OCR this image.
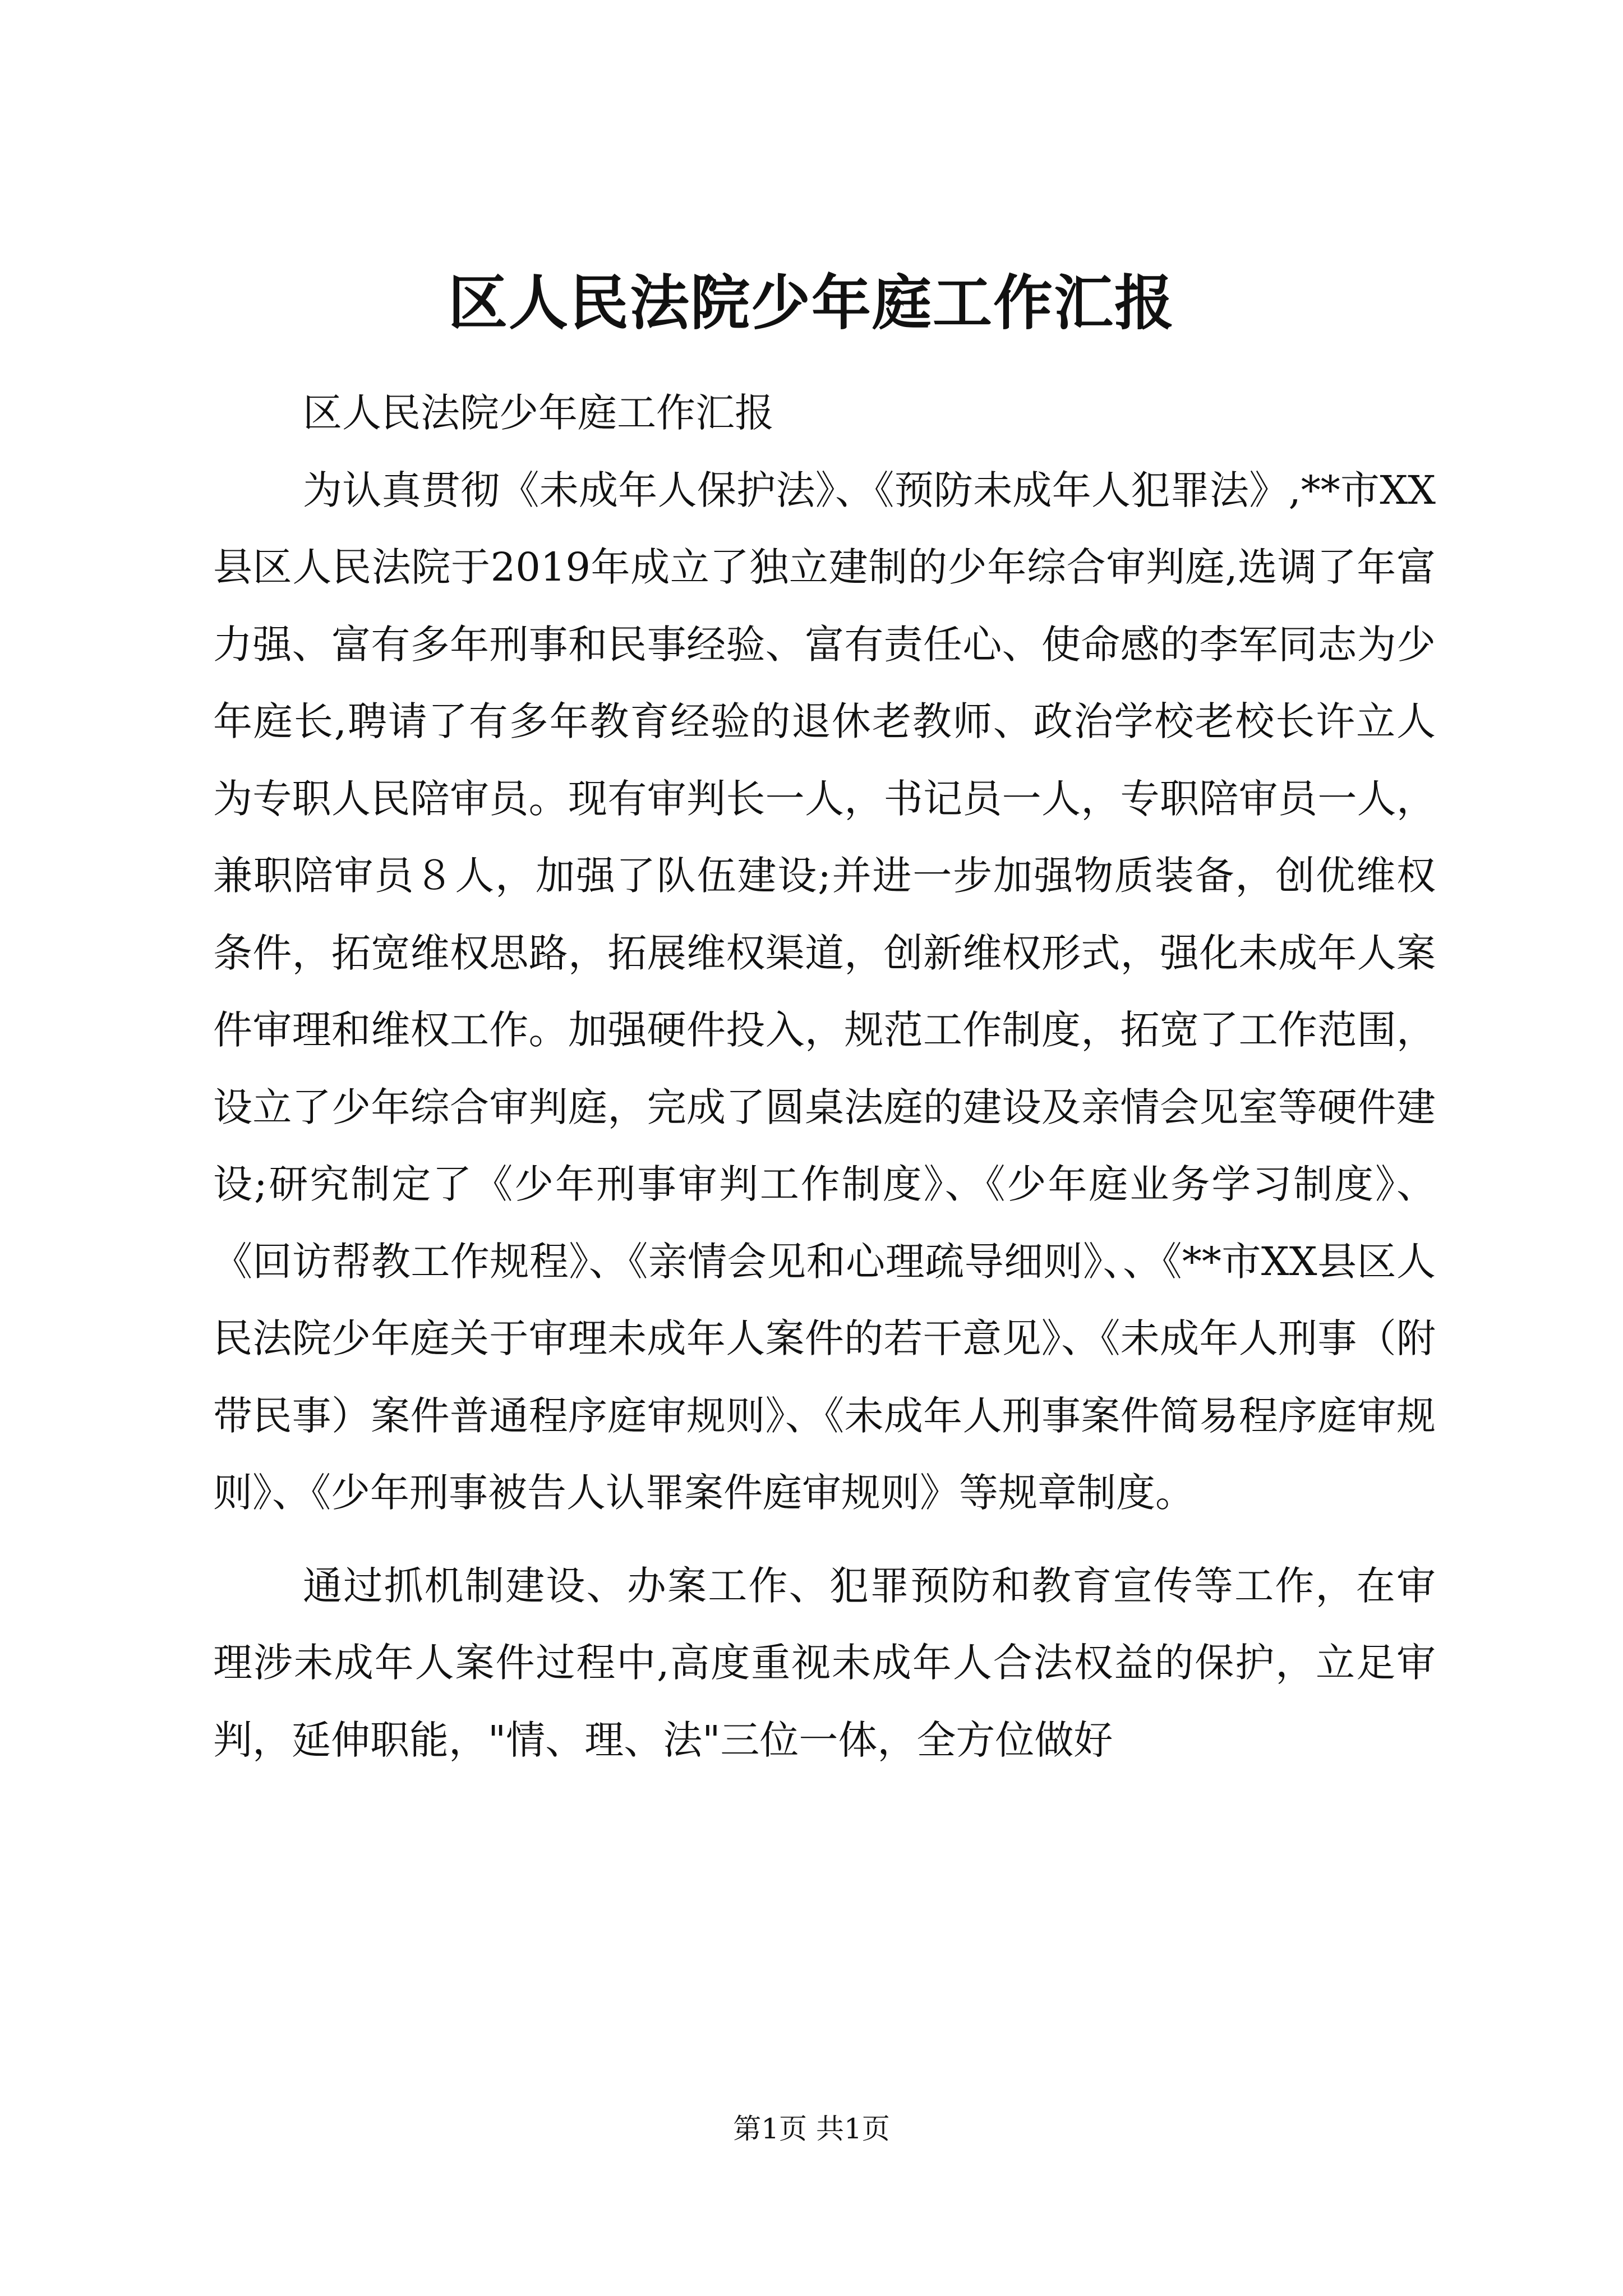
区人民法院少年庭工作汇报

区人民法院少年庭工作汇报

为认真贯彻《未成年人保护法》、《预防未成年人犯罪法》,**市XX县区人民法院于2019年成立了独立建制的少年综合审判庭,选调了年富力强、富有多年刑事和民事经验、富有责任心、使命感的李军同志为少年庭长,聘请了有多年教育经验的退休老教师、政治学校老校长许立人为专职人民陪审员。现有审判长一人，书记员一人，专职陪审员一人，兼职陪审员８人，加强了队伍建设;并进一步加强物质装备，创优维权条件，拓宽维权思路，拓展维权渠道，创新维权形式，强化未成年人案件审理和维权工作。加强硬件投入，规范工作制度，拓宽了工作范围，设立了少年综合审判庭，完成了圆桌法庭的建设及亲情会见室等硬件建设;研究制定了《少年刑事审判工作制度》、《少年庭业务学习制度》、《回访帮教工作规程》、《亲情会见和心理疏导细则》、、《**市XX县区人民法院少年庭关于审理未成年人案件的若干意见》、《未成年人刑事（附带民事）案件普通程序庭审规则》、《未成年人刑事案件简易程序庭审规则》、《少年刑事被告人认罪案件庭审规则》等规章制度。

通过抓机制建设、办案工作、犯罪预防和教育宣传等工作，在审理涉未成年人案件过程中,高度重视未成年人合法权益的保护，立足审判，延伸职能，"情、理、法"三位一体，全方位做好

第1页 共1页
